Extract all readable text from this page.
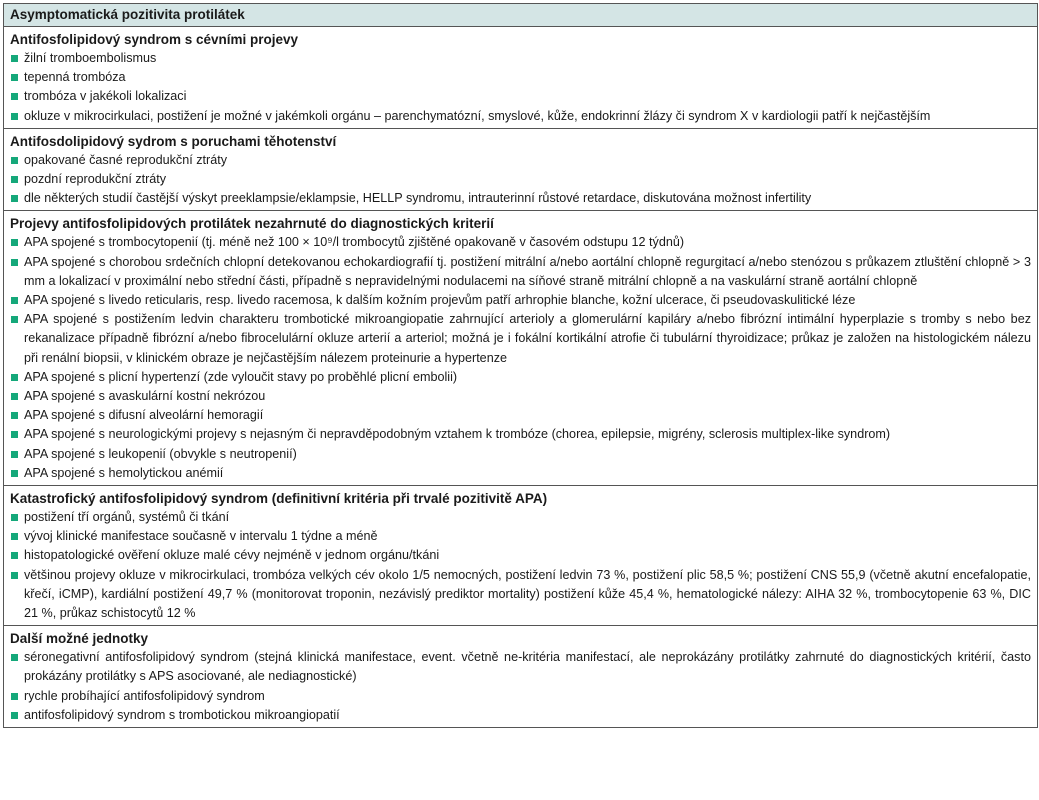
Asymptomatická pozitivita protilátek
Antifosfolipidový syndrom s cévními projevy
žilní tromboembolismus
tepenná trombóza
trombóza v jakékoli lokalizaci
okluze v mikrocirkulaci, postižení je možné v jakémkoli orgánu – parenchymatózní, smyslové, kůže, endokrinní žlázy či syndrom X v kardiologii patří k nejčastějším
Antifosdolipidový sydrom s poruchami těhotenství
opakované časné reprodukční ztráty
pozdní reprodukční ztráty
dle některých studií častější výskyt preeklampsie/eklampsie, HELLP syndromu, intrauterinní růstové retardace, diskutována možnost infertility
Projevy antifosfolipidových protilátek nezahrnuté do diagnostických kriterií
APA spojené s trombocytopenií (tj. méně než 100 × 10⁹/l trombocytů zjištěné opakovaně v časovém odstupu 12 týdnů)
APA spojené s chorobou srdečních chlopní detekovanou echokardiografií tj. postižení mitrální a/nebo aortální chlopně regurgitací a/nebo stenózou s průkazem ztluštění chlopně > 3 mm a lokalizací v proximální nebo střední části, případně s nepravidelnými nodulacemi na síňové straně mitrální chlopně a na vaskulární straně aortální chlopně
APA spojené s livedo reticularis, resp. livedo racemosa, k dalším kožním projevům patří arhrophie blanche, kožní ulcerace, či pseudovaskulitické léze
APA spojené s postižením ledvin charakteru trombotické mikroangiopatie zahrnující arterioly a glomerulární kapiláry a/nebo fibrózní intimální hyperplazie s tromby s nebo bez rekanalizace případně fibrózní a/nebo fibrocelulární okluze arterií a arteriol; možná je i fokální kortikální atrofie či tubulární thyroidizace; průkaz je založen na histologickém nálezu při renální biopsii, v klinickém obraze je nejčastějším nálezem proteinurie a hypertenze
APA spojené s plicní hypertenzí (zde vyloučit stavy po proběhlé plicní embolii)
APA spojené s avaskulární kostní nekrózou
APA spojené s difusní alveolární hemoragií
APA spojené s neurologickými projevy s nejasným či nepravděpodobným vztahem k trombóze (chorea, epilepsie, migrény, sclerosis multiplex-like syndrom)
APA spojené s leukopenií (obvykle s neutropenií)
APA spojené s hemolytickou anémií
Katastrofický antifosfolipidový syndrom (definitivní kritéria při trvalé pozitivitě APA)
postižení tří orgánů, systémů či tkání
vývoj klinické manifestace současně v intervalu 1 týdne a méně
histopatologické ověření okluze malé cévy nejméně v jednom orgánu/tkáni
většinou projevy okluze v mikrocirkulaci, trombóza velkých cév okolo 1/5 nemocných, postižení ledvin 73 %, postižení plic 58,5 %; postižení CNS 55,9 (včetně akutní encefalopatie, křečí, iCMP), kardiální postižení 49,7 % (monitorovat troponin, nezávislý prediktor mortality) postižení kůže 45,4 %, hematologické nálezy: AIHA 32 %, trombocytopenie 63 %, DIC 21 %, průkaz schistocytů 12 %
Další možné jednotky
séronegativní antifosfolipidový syndrom (stejná klinická manifestace, event. včetně ne-kritéria manifestací, ale neprokázány protilátky zahrnuté do diagnostických kritérií, často prokázány protilátky s APS asociované, ale nediagnostické)
rychle probíhající antifosfolipidový syndrom
antifosfolipidový syndrom s trombotickou mikroangiopatií
